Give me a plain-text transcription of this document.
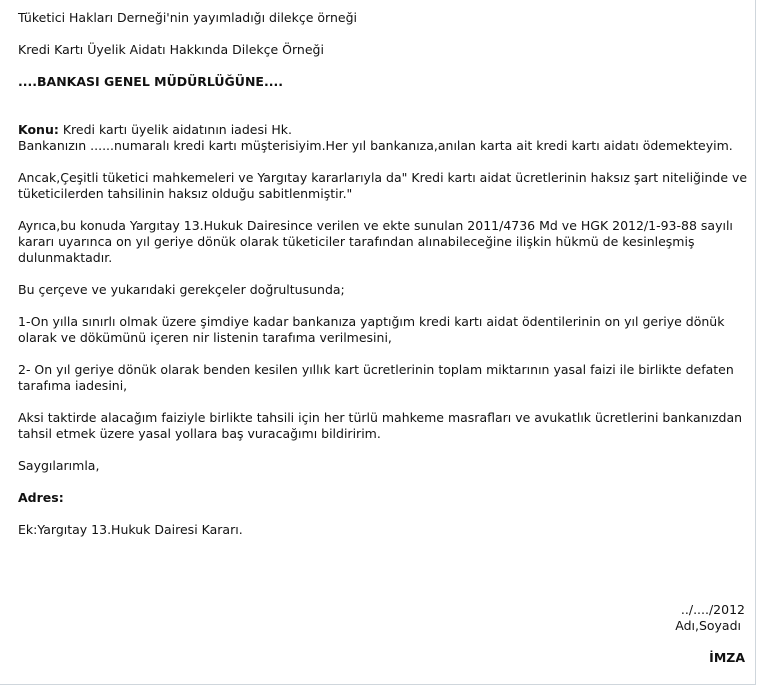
Tüketici Hakları Derneği'nin yayımladığı dilekçe örneği

Kredi Kartı Üyelik Aidatı Hakkında Dilekçe Örneği

....BANKASI GENEL MÜDÜRLÜĞÜNE....

Konu: Kredi kartı üyelik aidatının iadesi Hk.

Bankanızın ......numaralı kredi kartı müşterisiyim.Her yıl bankanıza,anılan karta ait kredi kartı aidatı ödemekteyim.

Ancak,Çeşitli tüketici mahkemeleri ve Yargıtay kararlarıyla da" Kredi kartı aidat ücretlerinin haksız şart niteliğinde ve tüketicilerden tahsilinin haksız olduğu sabitlenmiştir."

Ayrıca,bu konuda Yargıtay 13.Hukuk Dairesince verilen ve ekte sunulan 2011/4736 Md ve HGK 2012/1-93-88 sayılı kararı uyarınca on yıl geriye dönük olarak tüketiciler tarafından alınabileceğine ilişkin hükmü de kesinleşmiş dulunmaktadır.

Bu çerçeve ve yukarıdaki gerekçeler doğrultusunda;

1-On yılla sınırlı olmak üzere şimdiye kadar bankanıza yaptığım kredi kartı aidat ödentilerinin on yıl geriye dönük olarak ve dökümünü içeren nir listenin tarafıma verilmesini,

2- On yıl geriye dönük olarak benden kesilen yıllık kart ücretlerinin toplam miktarının yasal faizi ile birlikte defaten tarafıma iadesini,

Aksi taktirde alacağım faiziyle birlikte tahsili için her türlü mahkeme masrafları ve avukatlık ücretlerini bankanızdan tahsil etmek üzere yasal yollara baş vuracağımı bildiririm.

Saygılarımla,

Adres:

Ek:Yargıtay 13.Hukuk Dairesi Kararı.

../..../2012
Adı,Soyadı
İMZA
